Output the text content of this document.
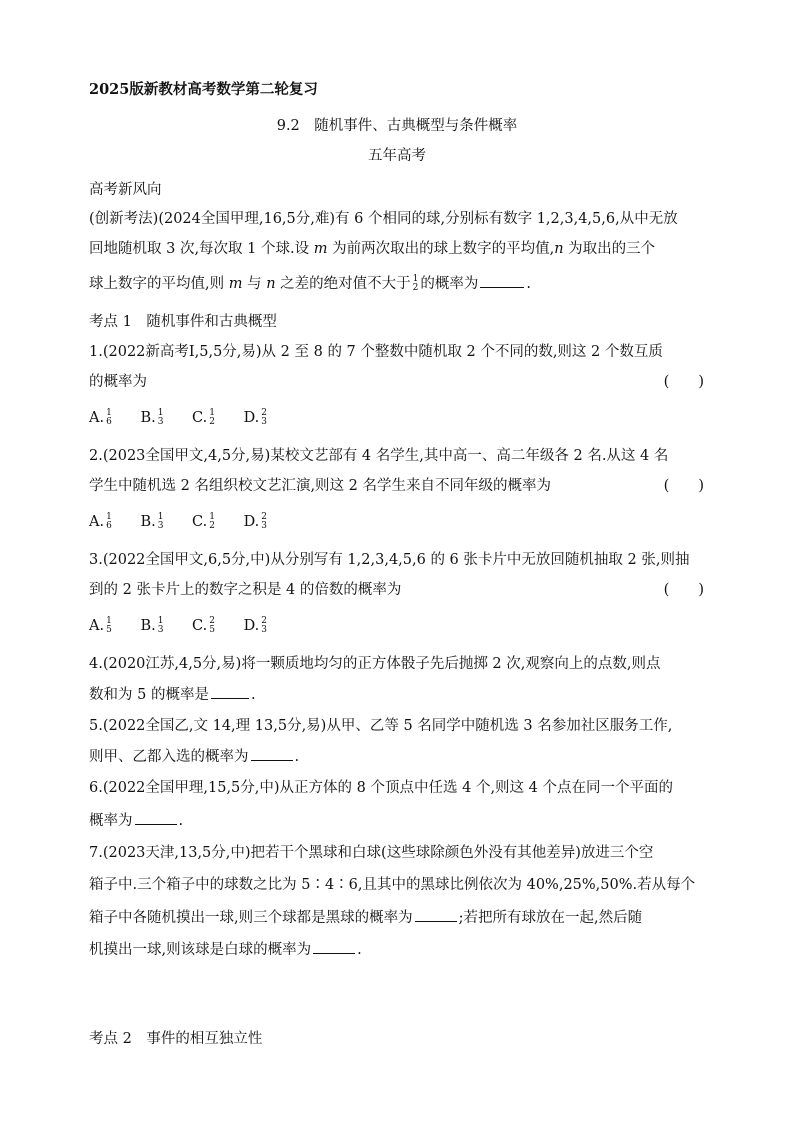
2025版新教材高考数学第二轮复习
9.2　随机事件、古典概型与条件概率
五年高考
高考新风向
(创新考法)(2024全国甲理,16,5分,难)有 6 个相同的球,分别标有数字 1,2,3,4,5,6,从中无放
回地随机取 3 次,每次取 1 个球.设 m 为前两次取出的球上数字的平均值,n 为取出的三个
球上数字的平均值,则 m 与 n 之差的绝对值不大于 1
2 的概率为	.
考点 1　随机事件和古典概型
1.(2022新高考Ⅰ,5,5分,易)从 2 至 8 的 7 个整数中随机取 2 个不同的数,则这 2 个数互质
的概率为	(　　)
A. 1
6 B. 1
3 C. 1
2 D. 2
3
2.(2023全国甲文,4,5分,易)某校文艺部有 4 名学生,其中高一、高二年级各 2 名.从这 4 名
学生中随机选 2 名组织校文艺汇演,则这 2 名学生来自不同年级的概率为	(　　)
A. 1
6 B. 1
3 C. 1
2 D. 2
3
3.(2022全国甲文,6,5分,中)从分别写有 1,2,3,4,5,6 的 6 张卡片中无放回随机抽取 2 张,则抽
到的 2 张卡片上的数字之积是 4 的倍数的概率为	(　　)
A. 1
5 B. 1
3 C. 2
5 D. 2
3
4.(2020江苏,4,5分,易)将一颗质地均匀的正方体骰子先后抛掷 2 次,观察向上的点数,则点
数和为 5 的概率是	.
5.(2022全国乙,文 14,理 13,5分,易)从甲、乙等 5 名同学中随机选 3 名参加社区服务工作,
则甲、乙都入选的概率为	.
6.(2022全国甲理,15,5分,中)从正方体的 8 个顶点中任选 4 个,则这 4 个点在同一个平面的
概率为	.
7.(2023天津,13,5分,中)把若干个黑球和白球(这些球除颜色外没有其他差异)放进三个空
箱子中.三个箱子中的球数之比为 5∶4∶6,且其中的黑球比例依次为 40%,25%,50%.若从每个
箱子中各随机摸出一球,则三个球都是黑球的概率为	;若把所有球放在一起,然后随
机摸出一球,则该球是白球的概率为	.
考点 2　事件的相互独立性
